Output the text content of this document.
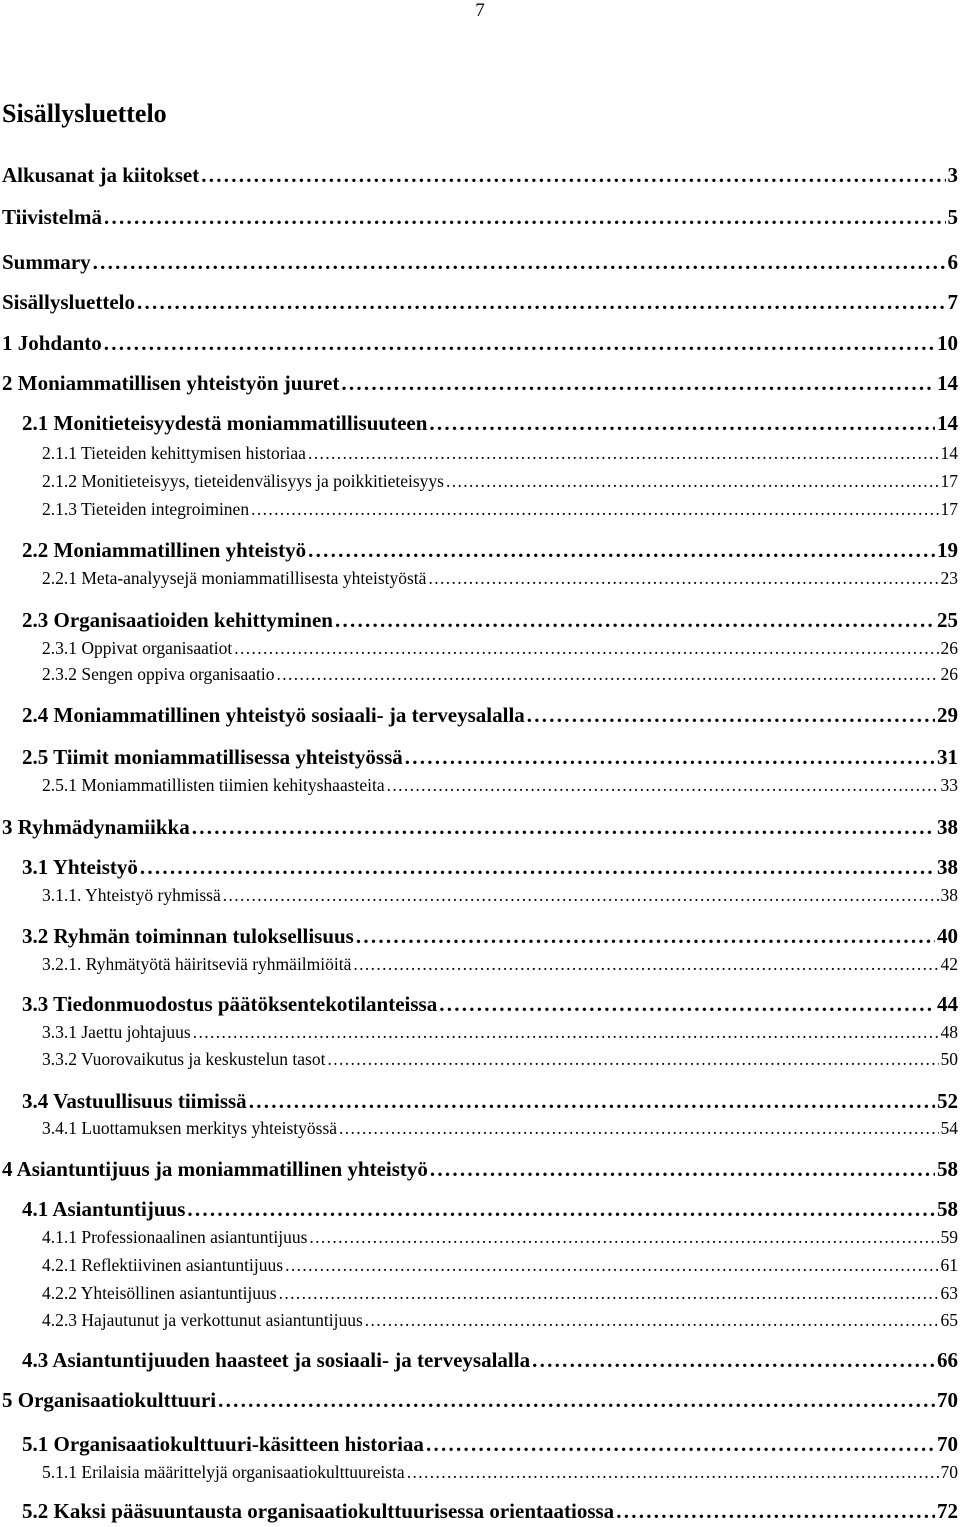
7
Sisällysluettelo
Alkusanat ja kiitokset . . .	3
Tiivistelmä . . .	5
Summary . . .	6
Sisällysluettelo . . .	7
1 Johdanto . . .	10
2 Moniammatillisen yhteistyön juuret . . .	14
2.1 Monitieteisyydestä moniammatillisuuteen . . .	14
2.1.1 Tieteiden kehittymisen historiaa . . .	14
2.1.2 Monitieteisyys, tieteidenvälisyys ja poikkitieteisyys . . .	17
2.1.3 Tieteiden integroiminen . . .	17
2.2 Moniammatillinen yhteistyö . . .	19
2.2.1 Meta-analyysejä moniammatillisesta yhteistyöstä . . .	23
2.3 Organisaatioiden kehittyminen . . .	25
2.3.1 Oppivat organisaatiot . . .	26
2.3.2 Sengen oppiva organisaatio . . .	26
2.4 Moniammatillinen yhteistyö sosiaali- ja terveysalalla . . .	29
2.5 Tiimit moniammatillisessa yhteistyössä . . .	31
2.5.1 Moniammatillisten tiimien kehityshaasteita . . .	33
3 Ryhmädynamiikka . . .	38
3.1 Yhteistyö . . .	38
3.1.1. Yhteistyö ryhmissä . . .	38
3.2 Ryhmän toiminnan tuloksellisuus . . .	40
3.2.1. Ryhmätyötä häiritseviä ryhmäilmiöitä . . .	42
3.3 Tiedonmuodostus päätöksentekotilanteissa . . .	44
3.3.1 Jaettu johtajuus . . .	48
3.3.2 Vuorovaikutus ja keskustelun tasot . . .	50
3.4 Vastuullisuus tiimissä . . .	52
3.4.1 Luottamuksen merkitys yhteistyössä . . .	54
4 Asiantuntijuus ja moniammatillinen yhteistyö . . .	58
4.1 Asiantuntijuus . . .	58
4.1.1 Professionaalinen asiantuntijuus . . .	59
4.2.1 Reflektiivinen asiantuntijuus . . .	61
4.2.2 Yhteisöllinen asiantuntijuus . . .	63
4.2.3 Hajautunut ja verkottunut asiantuntijuus . . .	65
4.3 Asiantuntijuuden haasteet ja sosiaali- ja terveysalalla . . .	66
5 Organisaatiokulttuuri . . .	70
5.1 Organisaatiokulttuuri-käsitteen historiaa . . .	70
5.1.1 Erilaisia määrittelyjä organisaatiokulttuureista . . .	70
5.2 Kaksi pääsuuntausta organisaatiokulttuurisessa orientaatiossa . . .	72
